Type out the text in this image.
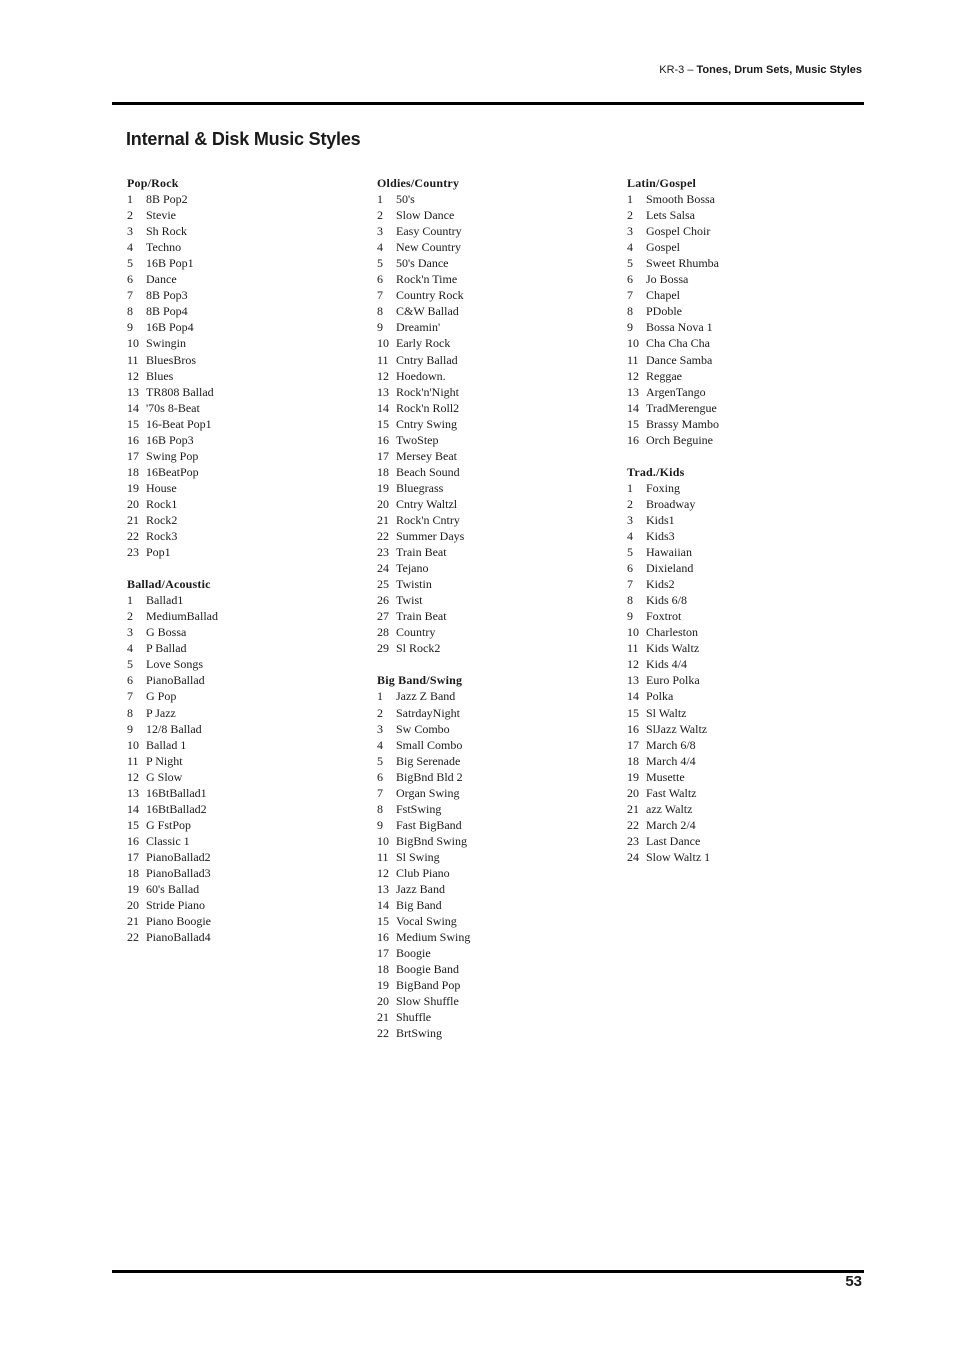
KR-3 – Tones, Drum Sets, Music Styles
Internal & Disk Music Styles
Pop/Rock
1	8B Pop2
2	Stevie
3	Sh Rock
4	Techno
5	16B Pop1
6	Dance
7	8B Pop3
8	8B Pop4
9	16B Pop4
10 Swingin
11 BluesBros
12 Blues
13 TR808 Ballad
14 '70s 8-Beat
15 16-Beat Pop1
16 16B Pop3
17 Swing Pop
18 16BeatPop
19 House
20 Rock1
21 Rock2
22 Rock3
23 Pop1
Ballad/Acoustic
1	Ballad1
2	MediumBallad
3	G Bossa
4	P Ballad
5	Love Songs
6	PianoBallad
7	G Pop
8	P Jazz
9	12/8 Ballad
10 Ballad 1
11 P Night
12 G Slow
13 16BtBallad1
14 16BtBallad2
15 G FstPop
16 Classic 1
17 PianoBallad2
18 PianoBallad3
19 60's Ballad
20 Stride Piano
21 Piano Boogie
22 PianoBallad4
Oldies/Country
1	50's
2	Slow Dance
3	Easy Country
4	New Country
5	50's Dance
6	Rock'n Time
7	Country Rock
8	C&W Ballad
9	Dreamin'
10 Early Rock
11 Cntry Ballad
12 Hoedown.
13 Rock'n'Night
14 Rock'n Roll2
15 Cntry Swing
16 TwoStep
17 Mersey Beat
18 Beach Sound
19 Bluegrass
20 Cntry Waltzl
21 Rock'n Cntry
22 Summer Days
23 Train Beat
24 Tejano
25 Twistin
26 Twist
27 Train Beat
28 Country
29 Sl Rock2
Big Band/Swing
1	Jazz Z Band
2	SatrdayNight
3	Sw Combo
4	Small Combo
5	Big Serenade
6	BigBnd Bld 2
7	Organ Swing
8	FstSwing
9	Fast BigBand
10 BigBnd Swing
11 Sl Swing
12 Club Piano
13 Jazz Band
14 Big Band
15 Vocal Swing
16 Medium Swing
17 Boogie
18 Boogie Band
19 BigBand Pop
20 Slow Shuffle
21 Shuffle
22 BrtSwing
Latin/Gospel
1	Smooth Bossa
2	Lets Salsa
3	Gospel Choir
4	Gospel
5	Sweet Rhumba
6	Jo Bossa
7	Chapel
8	PDoble
9	Bossa Nova 1
10 Cha Cha Cha
11 Dance Samba
12 Reggae
13 ArgenTango
14 TradMerengue
15 Brassy Mambo
16 Orch Beguine
Trad./Kids
1	Foxing
2	Broadway
3	Kids1
4	Kids3
5	Hawaiian
6	Dixieland
7	Kids2
8	Kids 6/8
9	Foxtrot
10 Charleston
11 Kids Waltz
12 Kids 4/4
13 Euro Polka
14 Polka
15 Sl Waltz
16 SlJazz Waltz
17 March 6/8
18 March 4/4
19 Musette
20 Fast Waltz
21 azz Waltz
22 March 2/4
23 Last Dance
24 Slow Waltz 1
53
